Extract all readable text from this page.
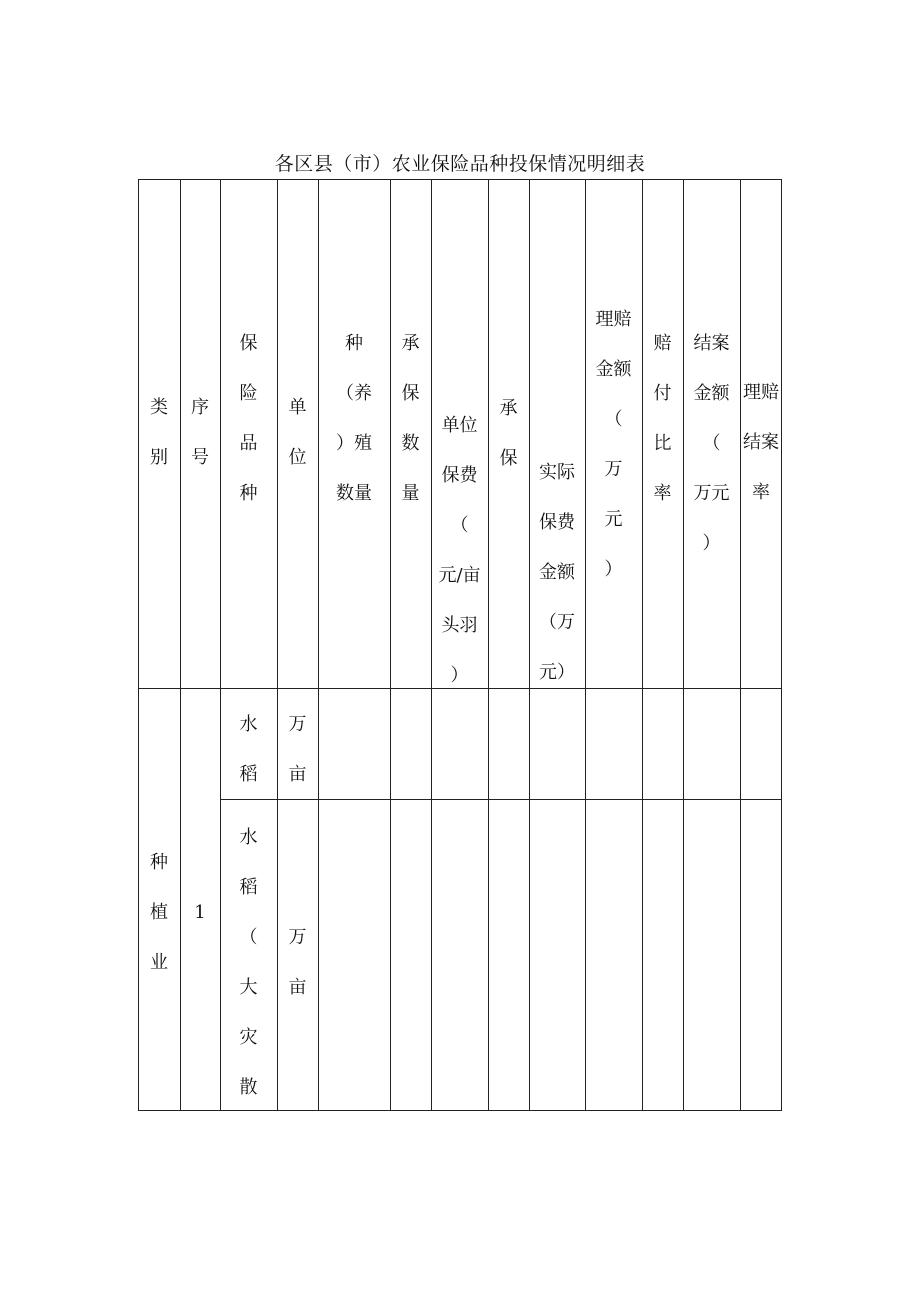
各区县（市）农业保险品种投保情况明细表
类
别
序
号
保
险
品
种
单
位
种
（养
）殖
数量
承
保
数
量
单位
保费
（
元/亩
头羽
）
承
保
实际
保费
金额
（万
元）
理赔
金额
（
万
元
）
赔
付
比
率
结案
金额
（
万元
）
理赔
结案
率
种
植
业
1
水
稻
万
亩
水
稻
（
大
灾
散
万
亩
